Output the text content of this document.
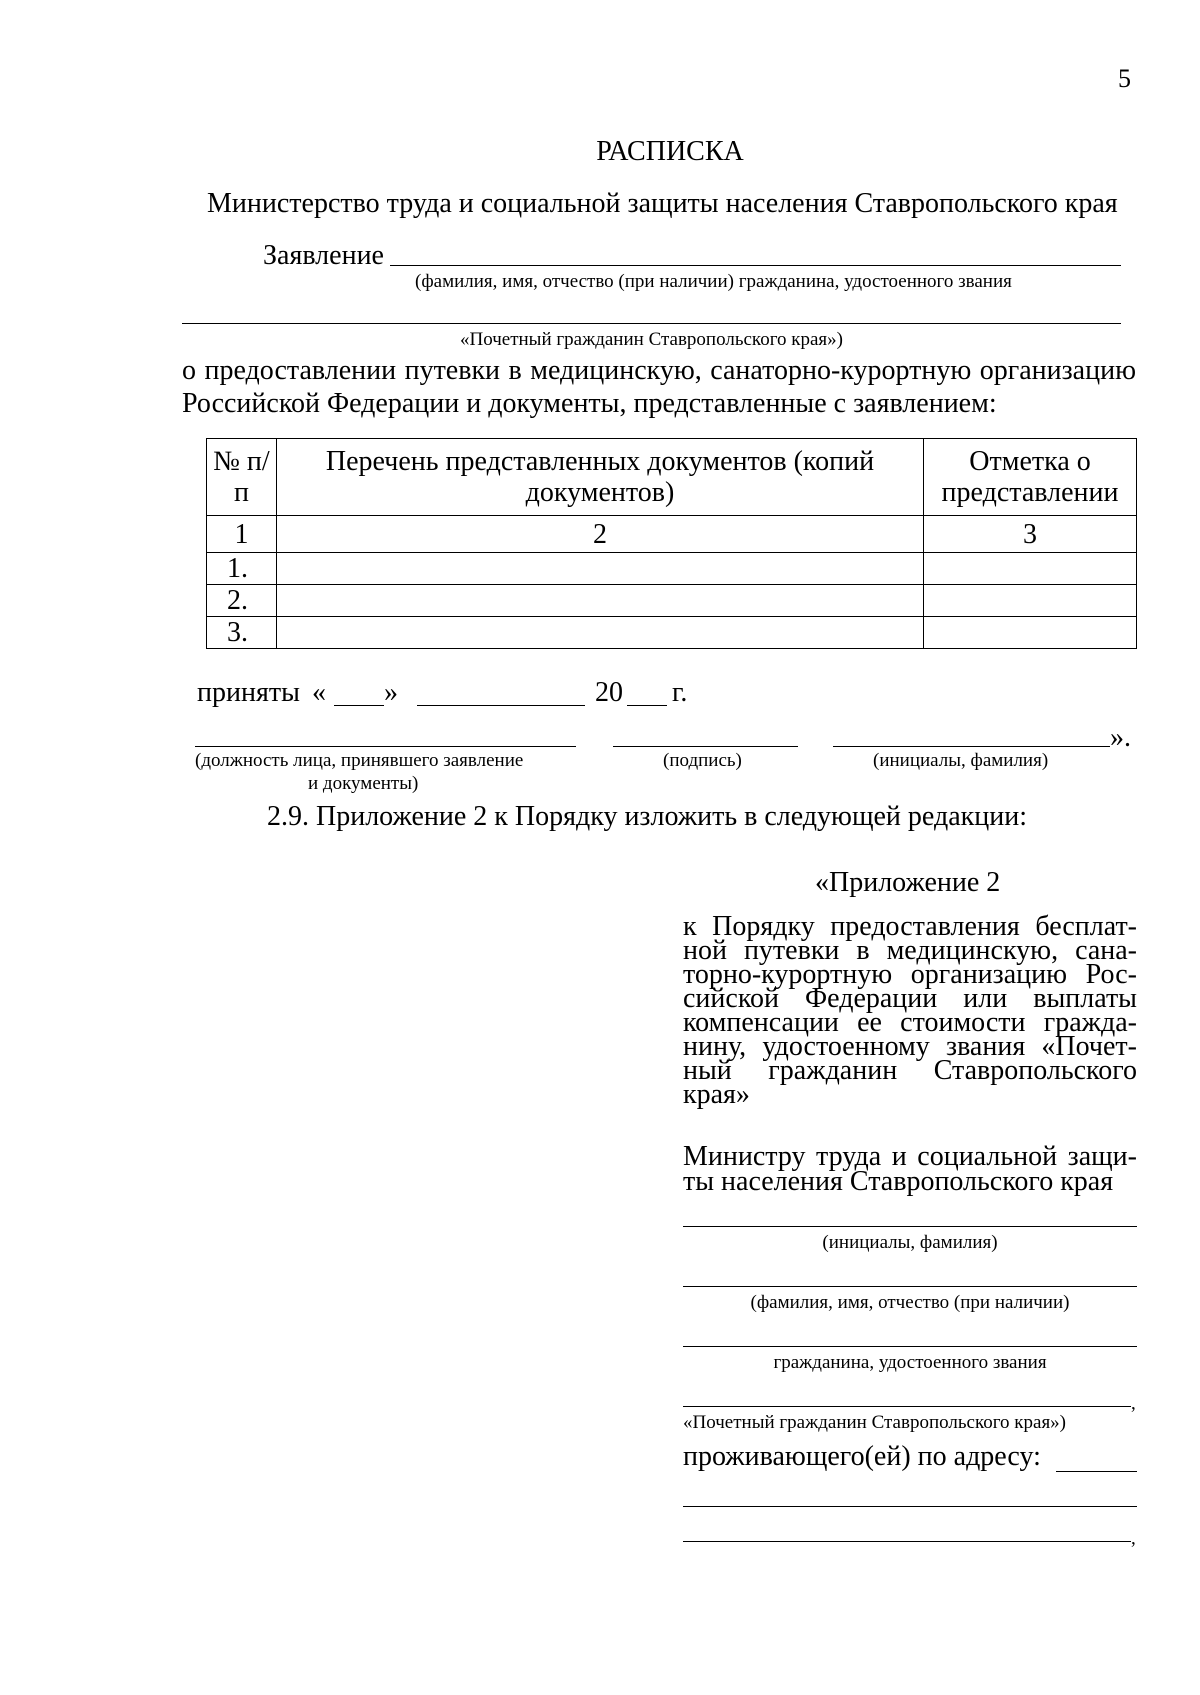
5
РАСПИСКА
Министерство труда и социальной защиты населения Ставропольского края
Заявление
(фамилия, имя, отчество (при наличии) гражданина, удостоенного звания
«Почетный гражданин Ставропольского края»)
о предоставлении путевки в медицинскую, санаторно-курортную организацию Российской Федерации и документы, представленные с заявлением:
№ п/п	Перечень представленных документов (копий документов)	Отметка о представлении
1	2	3
1.		
2.		
3.		
приняты « »	20 г.
».
(должность лица, принявшего заявление
и документы)
(подпись)	(инициалы, фамилия)
2.9. Приложение 2 к Порядку изложить в следующей редакции:
«Приложение 2
к Порядку предоставления бесплат-
ной путевки в медицинскую, сана-
торно-курортную организацию Рос-
сийской Федерации или выплаты
компенсации ее стоимости гражда-
нину, удостоенному звания «Почет-
ный гражданин Ставропольского
края»
Министру труда и социальной защи-
ты населения Ставропольского края
(инициалы, фамилия)
(фамилия, имя, отчество (при наличии)
гражданина, удостоенного звания
,
«Почетный гражданин Ставропольского края»)
проживающего(ей) по адресу:
,
